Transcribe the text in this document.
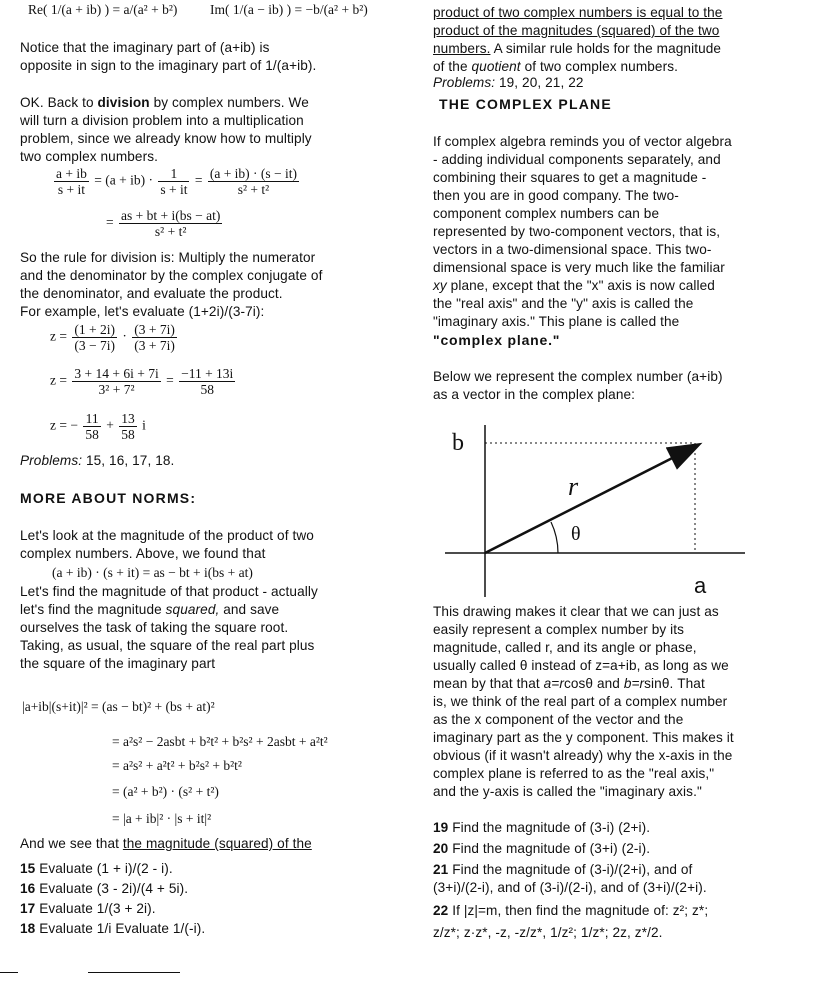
Re( 1/(a + ib) ) = a/(a² + b²) Im( 1/(a − ib) ) = −b/(a² + b²)
Notice that the imaginary part of (a+ib) is
opposite in sign to the imaginary part of 1/(a+ib).
OK. Back to division by complex numbers. We
will turn a division problem into a multiplication
problem, since we already know how to multiply
two complex numbers.
$\frac{a + ib}{s + it} = (a + ib) \cdot \frac{1}{s + it} = \frac{(a + ib) \cdot (s - it)}{\text{s² + t²}}$
= $\frac{as + bt + i(bs - at)}{\text{s² + t²}}$
So the rule for division is: Multiply the numerator
and the denominator by the complex conjugate of
the denominator, and evaluate the product.
For example, let's evaluate (1+2i)/(3-7i):
$z = \frac{(1 + 2i)}{(3 - 7i)} \cdot \frac{(3 + 7i)}{(3 + 7i)}$
$z = \frac{3 + 14 + 6i + 7i}{\text{3² + 7²}} = \frac{-11 + 13i}{58}$
z = − $\frac{11}{58} + \frac{13}{58}$ i
Problems: 15, 16, 17, 18.
MORE ABOUT NORMS:
Let's look at the magnitude of the product of two
complex numbers. Above, we found that
(a + ib) · (s + it) = as − bt + i(bs + at)
Let's find the magnitude of that product - actually
let's find the magnitude squared, and save
ourselves the task of taking the square root.
Taking, as usual, the square of the real part plus
the square of the imaginary part
|a+ib|(s+it)|² = (as − bt)² + (bs + at)²
= a²s² − 2asbt + b²t² + b²s² + 2asbt + a²t²
= a²s² + a²t² + b²s² + b²t²
= (a² + b²) · (s² + t²)
= |a + ib|² · |s + it|²
And we see that the magnitude (squared) of the
15 Evaluate (1 + i)/(2 - i).
16 Evaluate (3 - 2i)/(4 + 5i).
17 Evaluate 1/(3 + 2i).
18 Evaluate 1/i Evaluate 1/(-i).
product of two complex numbers is equal to the
product of the magnitudes (squared) of the two
numbers. A similar rule holds for the magnitude
of the quotient of two complex numbers.
Problems: 19, 20, 21, 22
THE COMPLEX PLANE
If complex algebra reminds you of vector algebra
- adding individual components separately, and
combining their squares to get a magnitude -
then you are in good company. The two-
component complex numbers can be
represented by two-component vectors, that is,
vectors in a two-dimensional space. This two-
dimensional space is very much like the familiar
xy plane, except that the "x" axis is now called
the "real axis" and the "y" axis is called the
"imaginary axis." This plane is called the
"complex plane."
Below we represent the complex number (a+ib)
as a vector in the complex plane:
This drawing makes it clear that we can just as
easily represent a complex number by its
magnitude, called r, and its angle or phase,
usually called θ instead of z=a+ib, as long as we
mean by that that a=rcosθ and b=rsinθ. That
is, we think of the real part of a complex number
as the x component of the vector and the
imaginary part as the y component. This makes it
obvious (if it wasn't already) why the x-axis in the
complex plane is referred to as the "real axis,"
and the y-axis is called the "imaginary axis."
19 Find the magnitude of (3-i) (2+i).
20 Find the magnitude of (3+i) (2-i).
21 Find the magnitude of (3-i)/(2+i), and of
(3+i)/(2-i), and of (3-i)/(2-i), and of (3+i)/(2+i).
22 If |z|=m, then find the magnitude of: z²; z*;
z/z*; z·z*, -z, -z/z*, 1/z²; 1/z*; 2z, z*/2.
b
r
θ
a
